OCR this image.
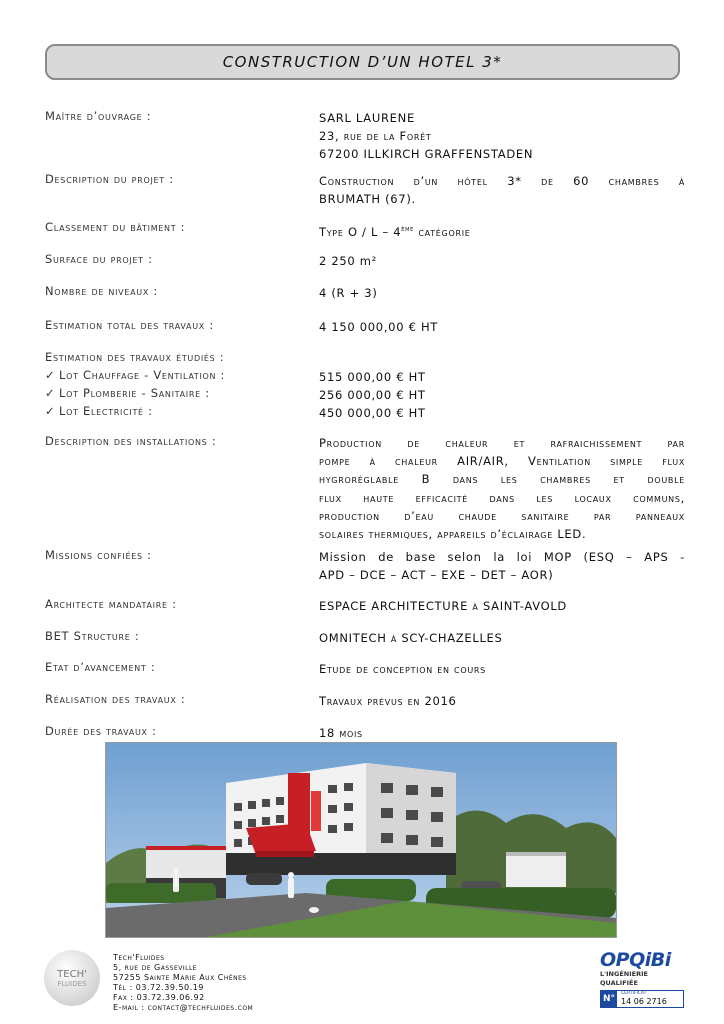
CONSTRUCTION D’UN HOTEL 3*
Maître d’ouvrage :	SARL LAURENE
23, rue de la Forêt
67200 ILLKIRCH GRAFFENSTADEN
Description du projet :	Construction d’un hôtel 3* de 60 chambres à
BRUMATH (67).
Classement du bâtiment :	Type O / L – 4ème catégorie
Surface du projet :	2 250 m²
Nombre de niveaux :	4 (R + 3)
Estimation total des travaux :	4 150 000,00 € HT
Estimation des travaux étudiés :
✓ Lot Chauffage - Ventilation :	515 000,00 € HT
✓ Lot Plomberie - Sanitaire :	256 000,00 € HT
✓ Lot Electricité :	450 000,00 € HT
Description des installations :	Production de chaleur et rafraichissement par
pompe à chaleur AIR/AIR, Ventilation simple flux
hygroréglable B dans les chambres et double
flux haute efficacité dans les locaux communs,
production d’eau chaude sanitaire par panneaux
solaires thermiques, appareils d’éclairage LED.
Missions confiées :	Mission de base selon la loi MOP (ESQ – APS -
APD – DCE – ACT – EXE – DET – AOR)
Architecte mandataire :	ESPACE ARCHITECTURE à SAINT-AVOLD
BET Structure :	OMNITECH à SCY-CHAZELLES
Etat d’avancement :	Etude de conception en cours
Réalisation des travaux :	Travaux prévus en 2016
Durée des travaux :	18 mois
TECH'
FLUIDES
Tech'Fluides
5, rue de Gasseville
57255 Sainte Marie Aux Chênes
Tél : 03.72.39.50.19
Fax : 03.72.39.06.92
E-mail : contact@techfluides.com
OPQiBi
L'INGÉNIERIE QUALIFIÉE
N°
CERTIFICAT
14 06 2716
